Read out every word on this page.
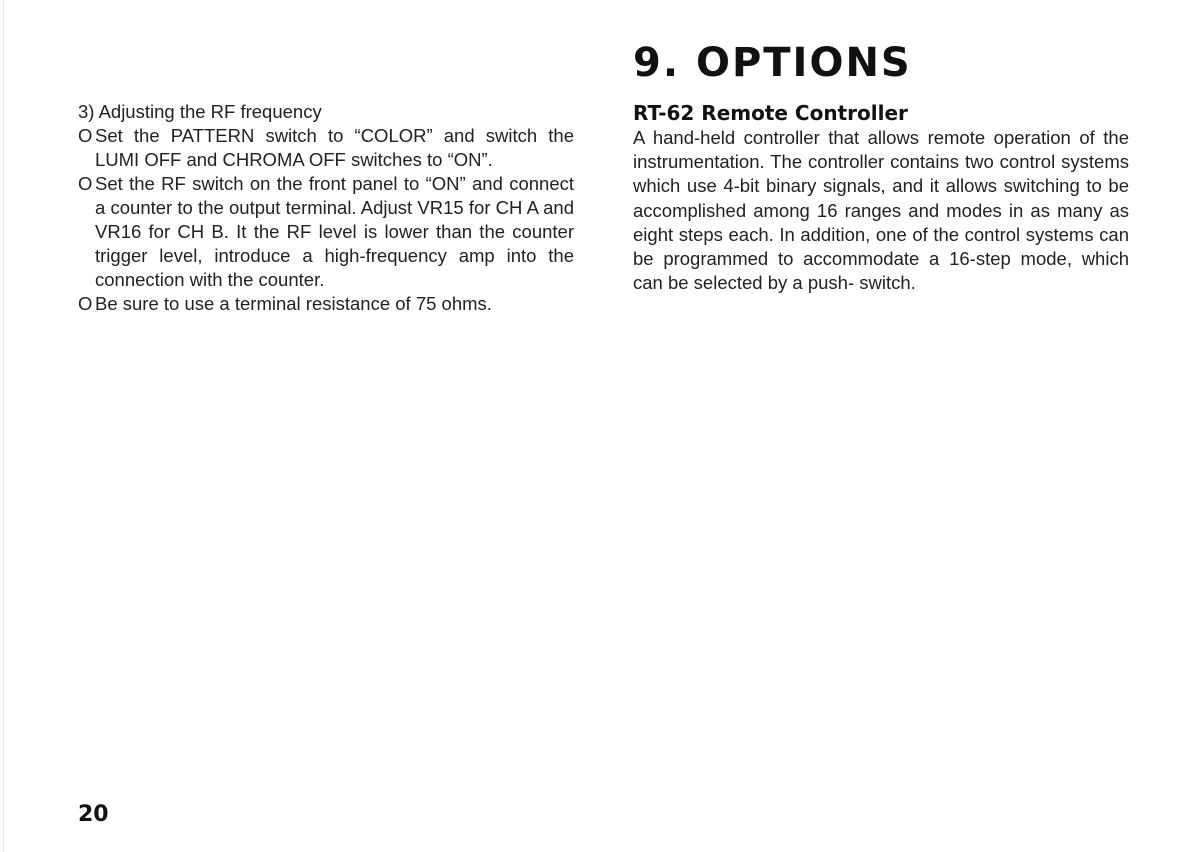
3) Adjusting the RF frequency

O Set the PATTERN switch to “COLOR” and switch the LUMI OFF and CHROMA OFF switches to “ON”.

O Set the RF switch on the front panel to “ON” and connect a counter to the output terminal. Adjust VR15 for CH A and VR16 for CH B. It the RF level is lower than the counter trigger level, introduce a high-frequency amp into the connection with the counter.

O Be sure to use a terminal resistance of 75 ohms.

9. OPTIONS
RT-62 Remote Controller

A hand-held controller that allows remote operation of the instrumentation. The controller contains two control systems which use 4-bit binary signals, and it allows switching to be accomplished among 16 ranges and modes in as many as eight steps each. In addition, one of the control systems can be programmed to accommodate a 16-step mode, which can be selected by a push- switch.

20
